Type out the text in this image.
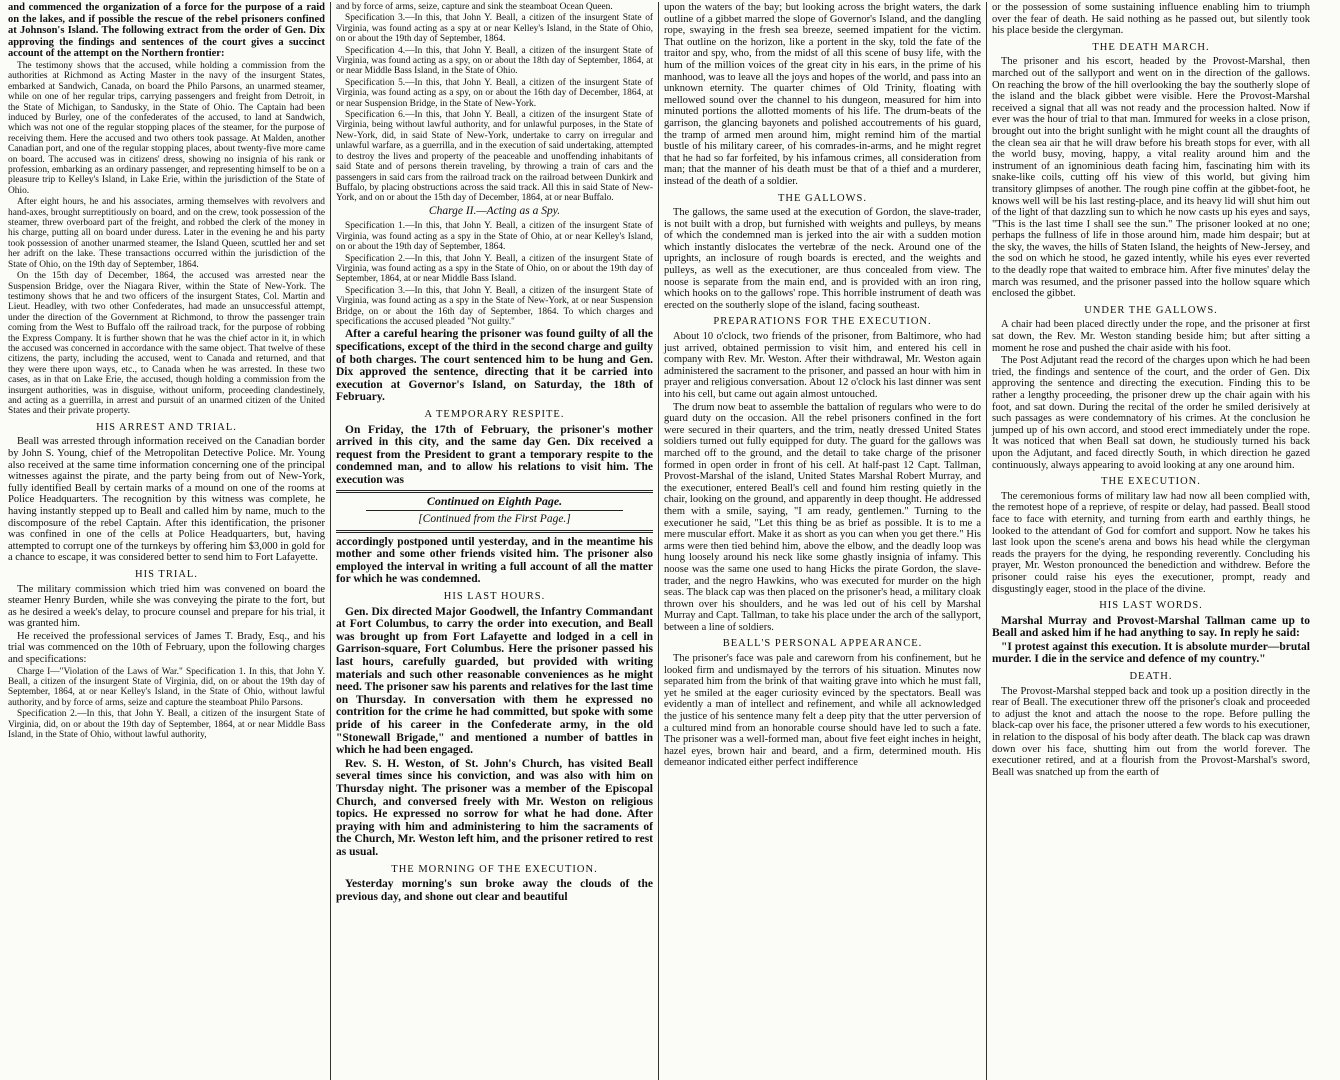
and commenced the organization of a force for the purpose of a raid on the lakes, and if possible the rescue of the rebel prisoners confined at Johnson's Island. The following extract from the order of Gen. Dix approving the findings and sentences of the court gives a succinct account of the attempt on the Northern frontier:

The testimony shows that the accused, while holding a commission from the authorities at Richmond as Acting Master in the navy of the insurgent States, embarked at Sandwich, Canada, on board the Philo Parsons, an unarmed steamer, while on one of her regular trips, carrying passengers and freight from Detroit, in the State of Michigan, to Sandusky, in the State of Ohio. The Captain had been induced by Burley, one of the confederates of the accused, to land at Sandwich, which was not one of the regular stopping places of the steamer, for the purpose of receiving them. Here the accused and two others took passage. At Malden, another Canadian port, and one of the regular stopping places, about twenty-five more came on board. The accused was in citizens' dress, showing no insignia of his rank or profession, embarking as an ordinary passenger, and representing himself to be on a pleasure trip to Kelley's Island, in Lake Erie, within the jurisdiction of the State of Ohio.

After eight hours, he and his associates, arming themselves with revolvers and hand-axes, brought surreptitiously on board, and on the crew, took possession of the steamer, threw overboard part of the freight, and robbed the clerk of the money in his charge, putting all on board under duress. Later in the evening he and his party took possession of another unarmed steamer, the Island Queen, scuttled her and set her adrift on the lake. These transactions occurred within the jurisdiction of the State of Ohio, on the 19th day of September, 1864.

On the 15th day of December, 1864, the accused was arrested near the Suspension Bridge, over the Niagara River, within the State of New-York. The testimony shows that he and two officers of the insurgent States, Col. Martin and Lieut. Headley, with two other Confederates, had made an unsuccessful attempt, under the direction of the Government at Richmond, to throw the passenger train coming from the West to Buffalo off the railroad track, for the purpose of robbing the Express Company. It is further shown that he was the chief actor in it, in which the accused was concerned in accordance with the same object. That twelve of these citizens, the party, including the accused, went to Canada and returned, and that they were there upon ways, etc., to Canada when he was arrested. In these two cases, as in that on Lake Erie, the accused, though holding a commission from the insurgent authorities, was in disguise, without uniform, proceeding clandestinely, and acting as a guerrilla, in arrest and pursuit of an unarmed citizen of the United States and their private property.

HIS ARREST AND TRIAL.

Beall was arrested through information received on the Canadian border by John S. Young, chief of the Metropolitan Detective Police. Mr. Young also received at the same time information concerning one of the principal witnesses against the pirate, and the party being from out of New-York, fully identified Beall by certain marks of a mound on one of the rooms at Police Headquarters. The recognition by this witness was complete, he having instantly stepped up to Beall and called him by name, much to the discomposure of the rebel Captain. After this identification, the prisoner was confined in one of the cells at Police Headquarters, but, having attempted to corrupt one of the turnkeys by offering him $3,000 in gold for a chance to escape, it was considered better to send him to Fort Lafayette.

HIS TRIAL.

The military commission which tried him was convened on board the steamer Henry Burden, while she was conveying the pirate to the fort, but as he desired a week's delay, to procure counsel and prepare for his trial, it was granted him.

He received the professional services of James T. Brady, Esq., and his trial was commenced on the 10th of February, upon the following charges and specifications:

Charge I—"Violation of the Laws of War." Specification 1. In this, that John Y. Beall, a citizen of the insurgent State of Virginia, did, on or about the 19th day of September, 1864, at or near Kelley's Island, in the State of Ohio, without lawful authority, and by force of arms, seize and capture the steamboat Philo Parsons.

Specification 2.—In this, that John Y. Beall, a citizen of the insurgent State of Virginia, did, on or about the 19th day of September, 1864, at or near Middle Bass Island, in the State of Ohio, without lawful authority,

and by force of arms, seize, capture and sink the steamboat Ocean Queen.

Specification 3.—In this, that John Y. Beall, a citizen of the insurgent State of Virginia, was found acting as a spy at or near Kelley's Island, in the State of Ohio, on or about the 19th day of September, 1864.

Specification 4.—In this, that John Y. Beall, a citizen of the insurgent State of Virginia, was found acting as a spy, on or about the 18th day of September, 1864, at or near Middle Bass Island, in the State of Ohio.

Specification 5.—In this, that John Y. Beall, a citizen of the insurgent State of Virginia, was found acting as a spy, on or about the 16th day of December, 1864, at or near Suspension Bridge, in the State of New-York.

Specification 6.—In this, that John Y. Beall, a citizen of the insurgent State of Virginia, being without lawful authority, and for unlawful purposes, in the State of New-York, did, in said State of New-York, undertake to carry on irregular and unlawful warfare, as a guerrilla, and in the execution of said undertaking, attempted to destroy the lives and property of the peaceable and unoffending inhabitants of said State and of persons therein traveling, by throwing a train of cars and the passengers in said cars from the railroad track on the railroad between Dunkirk and Buffalo, by placing obstructions across the said track. All this in said State of New-York, and on or about the 15th day of December, 1864, at or near Buffalo.

Charge II.—Acting as a Spy.

Specification 1.—In this, that John Y. Beall, a citizen of the insurgent State of Virginia, was found acting as a spy in the State of Ohio, at or near Kelley's Island, on or about the 19th day of September, 1864.

Specification 2.—In this, that John Y. Beall, a citizen of the insurgent State of Virginia, was found acting as a spy in the State of Ohio, on or about the 19th day of September, 1864, at or near Middle Bass Island.

Specification 3.—In this, that John Y. Beall, a citizen of the insurgent State of Virginia, was found acting as a spy in the State of New-York, at or near Suspension Bridge, on or about the 16th day of September, 1864. To which charges and specifications the accused pleaded "Not guilty."

After a careful hearing the prisoner was found guilty of all the specifications, except of the third in the second charge and guilty of both charges. The court sentenced him to be hung and Gen. Dix approved the sentence, directing that it be carried into execution at Governor's Island, on Saturday, the 18th of February.

A TEMPORARY RESPITE.

On Friday, the 17th of February, the prisoner's mother arrived in this city, and the same day Gen. Dix received a request from the President to grant a temporary respite to the condemned man, and to allow his relations to visit him. The execution was

Continued on Eighth Page.
[Continued from the First Page.]

accordingly postponed until yesterday, and in the meantime his mother and some other friends visited him. The prisoner also employed the interval in writing a full account of all the matter for which he was condemned.

HIS LAST HOURS.

Gen. Dix directed Major Goodwell, the Infantry Commandant at Fort Columbus, to carry the order into execution, and Beall was brought up from Fort Lafayette and lodged in a cell in Garrison-square, Fort Columbus. Here the prisoner passed his last hours, carefully guarded, but provided with writing materials and such other reasonable conveniences as he might need. The prisoner saw his parents and relatives for the last time on Thursday. In conversation with them he expressed no contrition for the crime he had committed, but spoke with some pride of his career in the Confederate army, in the old "Stonewall Brigade," and mentioned a number of battles in which he had been engaged.

Rev. S. H. Weston, of St. John's Church, has visited Beall several times since his conviction, and was also with him on Thursday night. The prisoner was a member of the Episcopal Church, and conversed freely with Mr. Weston on religious topics. He expressed no sorrow for what he had done. After praying with him and administering to him the sacraments of the Church, Mr. Weston left him, and the prisoner retired to rest as usual.

THE MORNING OF THE EXECUTION.

Yesterday morning's sun broke away the clouds of the previous day, and shone out clear and beautiful

upon the waters of the bay; but looking across the bright waters, the dark outline of a gibbet marred the slope of Governor's Island, and the dangling rope, swaying in the fresh sea breeze, seemed impatient for the victim. That outline on the horizon, like a portent in the sky, told the fate of the traitor and spy, who, from the midst of all this scene of busy life, with the hum of the million voices of the great city in his ears, in the prime of his manhood, was to leave all the joys and hopes of the world, and pass into an unknown eternity. The quarter chimes of Old Trinity, floating with mellowed sound over the channel to his dungeon, measured for him into minuted portions the allotted moments of his life. The drum-beats of the garrison, the glancing bayonets and polished accoutrements of his guard, the tramp of armed men around him, might remind him of the martial bustle of his military career, of his comrades-in-arms, and he might regret that he had so far forfeited, by his infamous crimes, all consideration from man; that the manner of his death must be that of a thief and a murderer, instead of the death of a soldier.

THE GALLOWS.

The gallows, the same used at the execution of Gordon, the slave-trader, is not built with a drop, but furnished with weights and pulleys, by means of which the condemned man is jerked into the air with a sudden motion which instantly dislocates the vertebræ of the neck. Around one of the uprights, an inclosure of rough boards is erected, and the weights and pulleys, as well as the executioner, are thus concealed from view. The noose is separate from the main end, and is provided with an iron ring, which hooks on to the gallows' rope. This horrible instrument of death was erected on the southerly slope of the island, facing southeast.

PREPARATIONS FOR THE EXECUTION.

About 10 o'clock, two friends of the prisoner, from Baltimore, who had just arrived, obtained permission to visit him, and entered his cell in company with Rev. Mr. Weston. After their withdrawal, Mr. Weston again administered the sacrament to the prisoner, and passed an hour with him in prayer and religious conversation. About 12 o'clock his last dinner was sent into his cell, but came out again almost untouched.

The drum now beat to assemble the battalion of regulars who were to do guard duty on the occasion. All the rebel prisoners confined in the fort were secured in their quarters, and the trim, neatly dressed United States soldiers turned out fully equipped for duty. The guard for the gallows was marched off to the ground, and the detail to take charge of the prisoner formed in open order in front of his cell. At half-past 12 Capt. Tallman, Provost-Marshal of the island, United States Marshal Robert Murray, and the executioner, entered Beall's cell and found him resting quietly in the chair, looking on the ground, and apparently in deep thought. He addressed them with a smile, saying, "I am ready, gentlemen." Turning to the executioner he said, "Let this thing be as brief as possible. It is to me a mere muscular effort. Make it as short as you can when you get there." His arms were then tied behind him, above the elbow, and the deadly loop was hung loosely around his neck like some ghastly insignia of infamy. This noose was the same one used to hang Hicks the pirate Gordon, the slave-trader, and the negro Hawkins, who was executed for murder on the high seas. The black cap was then placed on the prisoner's head, a military cloak thrown over his shoulders, and he was led out of his cell by Marshal Murray and Capt. Tallman, to take his place under the arch of the sallyport, between a line of soldiers.

BEALL'S PERSONAL APPEARANCE.

The prisoner's face was pale and careworn from his confinement, but he looked firm and undismayed by the terrors of his situation. Minutes now separated him from the brink of that waiting grave into which he must fall, yet he smiled at the eager curiosity evinced by the spectators. Beall was evidently a man of intellect and refinement, and while all acknowledged the justice of his sentence many felt a deep pity that the utter perversion of a cultured mind from an honorable course should have led to such a fate. The prisoner was a well-formed man, about five feet eight inches in height, hazel eyes, brown hair and beard, and a firm, determined mouth. His demeanor indicated either perfect indifference

or the possession of some sustaining influence enabling him to triumph over the fear of death. He said nothing as he passed out, but silently took his place beside the clergyman.

THE DEATH MARCH.

The prisoner and his escort, headed by the Provost-Marshal, then marched out of the sallyport and went on in the direction of the gallows. On reaching the brow of the hill overlooking the bay the southerly slope of the island and the black gibbet were visible. Here the Provost-Marshal received a signal that all was not ready and the procession halted. Now if ever was the hour of trial to that man. Immured for weeks in a close prison, brought out into the bright sunlight with he might count all the draughts of the clean sea air that he will draw before his breath stops for ever, with all the world busy, moving, happy, a vital reality around him and the instrument of an ignominious death facing him, fascinating him with its snake-like coils, cutting off his view of this world, but giving him transitory glimpses of another. The rough pine coffin at the gibbet-foot, he knows well will be his last resting-place, and its heavy lid will shut him out of the light of that dazzling sun to which he now casts up his eyes and says, "This is the last time I shall see the sun." The prisoner looked at no one; perhaps the fullness of life in those around him, made him despair; but at the sky, the waves, the hills of Staten Island, the heights of New-Jersey, and the sod on which he stood, he gazed intently, while his eyes ever reverted to the deadly rope that waited to embrace him. After five minutes' delay the march was resumed, and the prisoner passed into the hollow square which enclosed the gibbet.

UNDER THE GALLOWS.

A chair had been placed directly under the rope, and the prisoner at first sat down, the Rev. Mr. Weston standing beside him; but after sitting a moment he rose and pushed the chair aside with his foot.

The Post Adjutant read the record of the charges upon which he had been tried, the findings and sentence of the court, and the order of Gen. Dix approving the sentence and directing the execution. Finding this to be rather a lengthy proceeding, the prisoner drew up the chair again with his foot, and sat down. During the recital of the order he smiled derisively at such passages as were condemnatory of his crimes. At the conclusion he jumped up of his own accord, and stood erect immediately under the rope. It was noticed that when Beall sat down, he studiously turned his back upon the Adjutant, and faced directly South, in which direction he gazed continuously, always appearing to avoid looking at any one around him.

THE EXECUTION.

The ceremonious forms of military law had now all been complied with, the remotest hope of a reprieve, of respite or delay, had passed. Beall stood face to face with eternity, and turning from earth and earthly things, he looked to the attendant of God for comfort and support. Now he takes his last look upon the scene's arena and bows his head while the clergyman reads the prayers for the dying, he responding reverently. Concluding his prayer, Mr. Weston pronounced the benediction and withdrew. Before the prisoner could raise his eyes the executioner, prompt, ready and disgustingly eager, stood in the place of the divine.

HIS LAST WORDS.

Marshal Murray and Provost-Marshal Tallman came up to Beall and asked him if he had anything to say. In reply he said:

"I protest against this execution. It is absolute murder—brutal murder. I die in the service and defence of my country."

DEATH.

The Provost-Marshal stepped back and took up a position directly in the rear of Beall. The executioner threw off the prisoner's cloak and proceeded to adjust the knot and attach the noose to the rope. Before pulling the black-cap over his face, the prisoner uttered a few words to his executioner, in relation to the disposal of his body after death. The black cap was drawn down over his face, shutting him out from the world forever. The executioner retired, and at a flourish from the Provost-Marshal's sword, Beall was snatched up from the earth of
